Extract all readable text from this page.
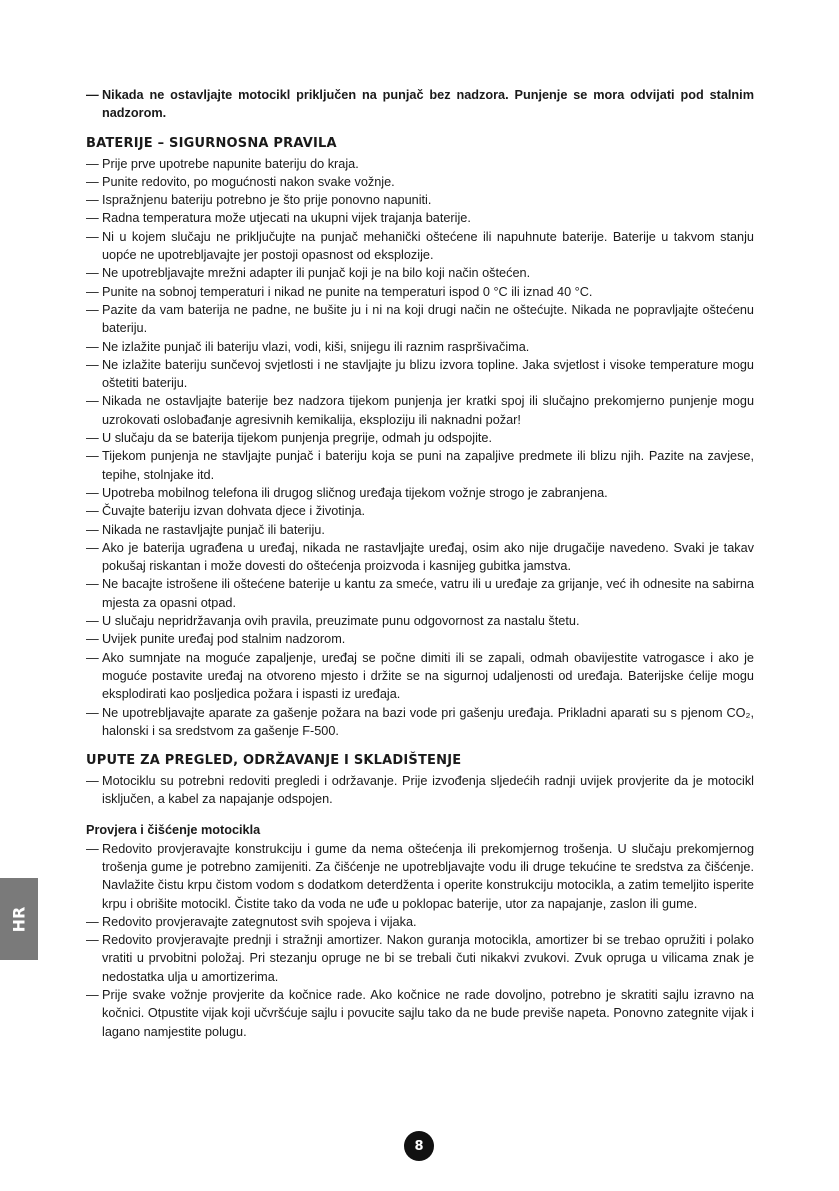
— Nikada ne ostavljajte motocikl priključen na punjač bez nadzora. Punjenje se mora odvijati pod stalnim nadzorom.
BATERIJE – SIGURNOSNA PRAVILA
— Prije prve upotrebe napunite bateriju do kraja.
— Punite redovito, po mogućnosti nakon svake vožnje.
— Ispražnjenu bateriju potrebno je što prije ponovno napuniti.
— Radna temperatura može utjecati na ukupni vijek trajanja baterije.
— Ni u kojem slučaju ne priključujte na punjač mehanički oštećene ili napuhnute baterije. Baterije u takvom stanju uopće ne upotrebljavajte jer postoji opasnost od eksplozije.
— Ne upotrebljavajte mrežni adapter ili punjač koji je na bilo koji način oštećen.
— Punite na sobnoj temperaturi i nikad ne punite na temperaturi ispod 0 °C ili iznad 40 °C.
— Pazite da vam baterija ne padne, ne bušite ju i ni na koji drugi način ne oštećujte. Nikada ne popravljajte oštećenu bateriju.
— Ne izlažite punjač ili bateriju vlazi, vodi, kiši, snijegu ili raznim raspršivačima.
— Ne izlažite bateriju sunčevoj svjetlosti i ne stavljajte ju blizu izvora topline. Jaka svjetlost i visoke temperature mogu oštetiti bateriju.
— Nikada ne ostavljajte baterije bez nadzora tijekom punjenja jer kratki spoj ili slučajno prekomjerno punjenje mogu uzrokovati oslobađanje agresivnih kemikalija, eksploziju ili naknadni požar!
— U slučaju da se baterija tijekom punjenja pregrije, odmah ju odspojite.
— Tijekom punjenja ne stavljajte punjač i bateriju koja se puni na zapaljive predmete ili blizu njih. Pazite na zavjese, tepihe, stolnjake itd.
— Upotreba mobilnog telefona ili drugog sličnog uređaja tijekom vožnje strogo je zabranjena.
— Čuvajte bateriju izvan dohvata djece i životinja.
— Nikada ne rastavljajte punjač ili bateriju.
— Ako je baterija ugrađena u uređaj, nikada ne rastavljajte uređaj, osim ako nije drugačije navedeno. Svaki je takav pokušaj riskantan i može dovesti do oštećenja proizvoda i kasnijeg gubitka jamstva.
— Ne bacajte istrošene ili oštećene baterije u kantu za smeće, vatru ili u uređaje za grijanje, već ih odnesite na sabirna mjesta za opasni otpad.
— U slučaju nepridržavanja ovih pravila, preuzimate punu odgovornost za nastalu štetu.
— Uvijek punite uređaj pod stalnim nadzorom.
— Ako sumnjate na moguće zapaljenje, uređaj se počne dimiti ili se zapali, odmah obavijestite vatrogasce i ako je moguće postavite uređaj na otvoreno mjesto i držite se na sigurnoj udaljenosti od uređaja. Baterijske ćelije mogu eksplodirati kao posljedica požara i ispasti iz uređaja.
— Ne upotrebljavajte aparate za gašenje požara na bazi vode pri gašenju uređaja. Prikladni aparati su s pjenom CO₂, halonski i sa sredstvom za gašenje F-500.
UPUTE ZA PREGLED, ODRŽAVANJE I SKLADIŠTENJE
— Motociklu su potrebni redoviti pregledi i održavanje. Prije izvođenja sljedećih radnji uvijek provjerite da je motocikl isključen, a kabel za napajanje odspojen.
Provjera i čišćenje motocikla
— Redovito provjeravajte konstrukciju i gume da nema oštećenja ili prekomjernog trošenja. U slučaju prekomjernog trošenja gume je potrebno zamijeniti. Za čišćenje ne upotrebljavajte vodu ili druge tekućine te sredstva za čišćenje. Navlažite čistu krpu čistom vodom s dodatkom deterdženta i operite konstrukciju motocikla, a zatim temeljito isperite krpu i obrišite motocikl. Čistite tako da voda ne uđe u poklopac baterije, utor za napajanje, zaslon ili gume.
— Redovito provjeravajte zategnutost svih spojeva i vijaka.
— Redovito provjeravajte prednji i stražnji amortizer. Nakon guranja motocikla, amortizer bi se trebao opružiti i polako vratiti u prvobitni položaj. Pri stezanju opruge ne bi se trebali čuti nikakvi zvukovi. Zvuk opruga u vilicama znak je nedostatka ulja u amortizerima.
— Prije svake vožnje provjerite da kočnice rade. Ako kočnice ne rade dovoljno, potrebno je skratiti sajlu izravno na kočnici. Otpustite vijak koji učvršćuje sajlu i povucite sajlu tako da ne bude previše napeta. Ponovno zategnite vijak i lagano namjestite polugu.
HR
8
